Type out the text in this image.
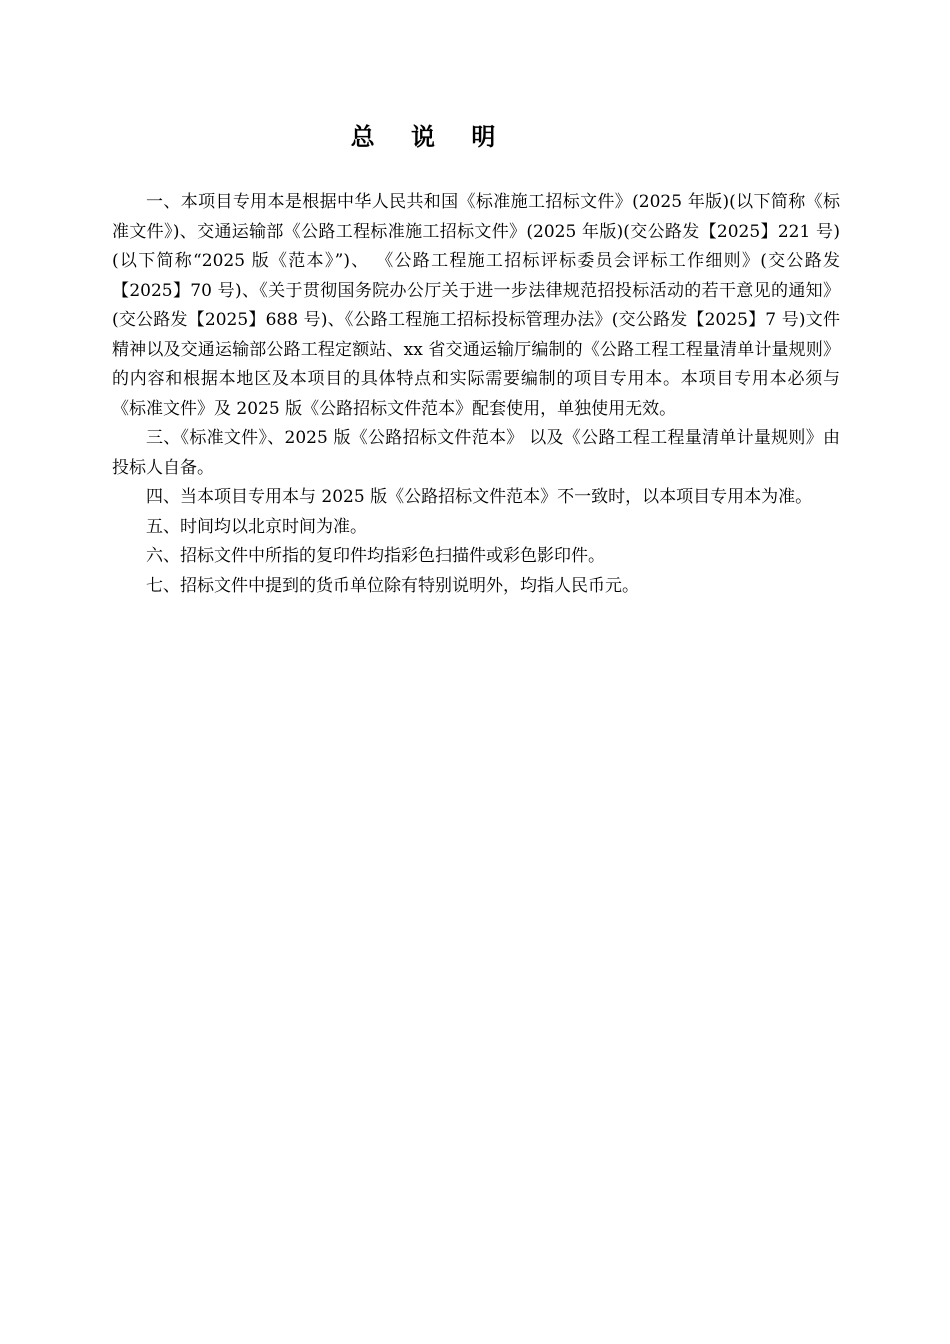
总 说 明

一、本项目专用本是根据中华人民共和国《标准施工招标文件》(2025 年版)(以下简称《标准文件》)、交通运输部《公路工程标准施工招标文件》(2025 年版)(交公路发【2025】221 号)(以下简称“2025 版《范本》”)、 《公路工程施工招标评标委员会评标工作细则》(交公路发【2025】70 号)、《关于贯彻国务院办公厅关于进一步法律规范招投标活动的若干意见的通知》(交公路发【2025】688 号)、《公路工程施工招标投标管理办法》(交公路发【2025】7 号)文件精神以及交通运输部公路工程定额站、xx 省交通运输厅编制的《公路工程工程量清单计量规则》的内容和根据本地区及本项目的具体特点和实际需要编制的项目专用本。本项目专用本必须与《标准文件》及 2025 版《公路招标文件范本》配套使用，单独使用无效。

三、《标准文件》、2025 版《公路招标文件范本》 以及《公路工程工程量清单计量规则》由投标人自备。

四、当本项目专用本与 2025 版《公路招标文件范本》不一致时，以本项目专用本为准。

五、时间均以北京时间为准。

六、招标文件中所指的复印件均指彩色扫描件或彩色影印件。

七、招标文件中提到的货币单位除有特别说明外，均指人民币元。
